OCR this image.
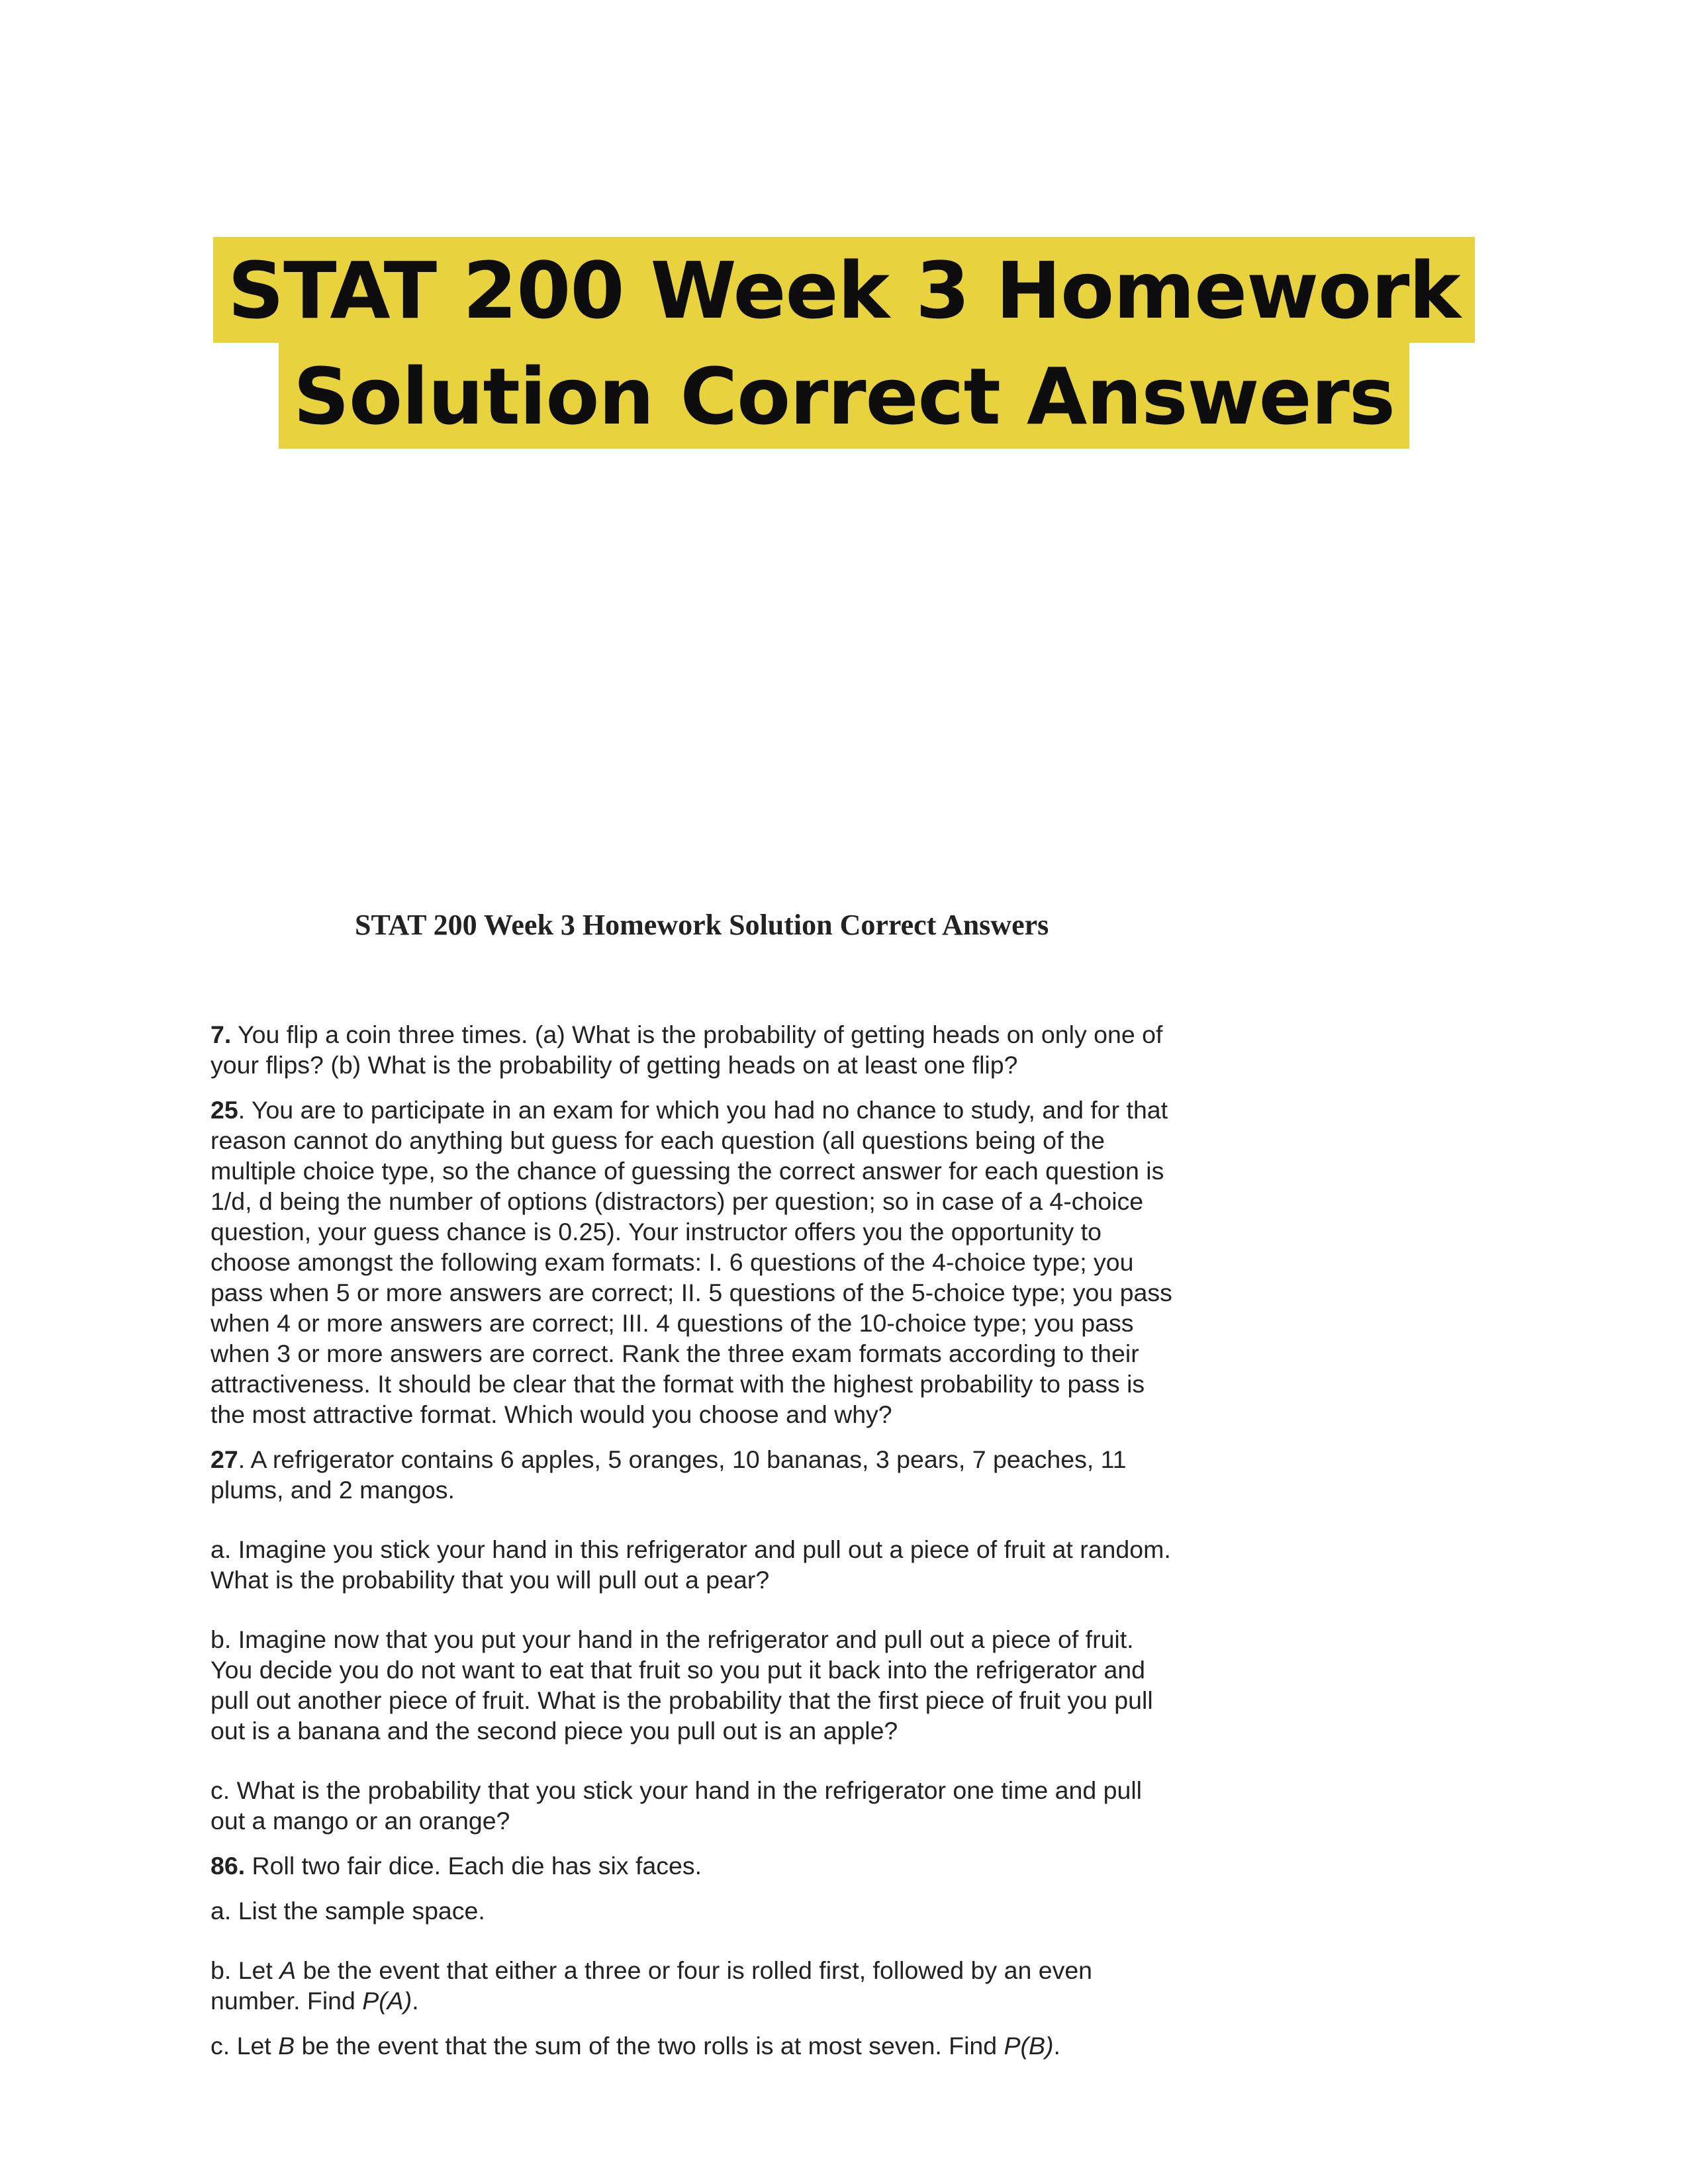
STAT 200 Week 3 Homework
Solution Correct Answers
STAT 200 Week 3 Homework Solution Correct Answers

7. You flip a coin three times. (a) What is the probability of getting heads on only one of
your flips? (b) What is the probability of getting heads on at least one flip?

25. You are to participate in an exam for which you had no chance to study, and for that
reason cannot do anything but guess for each question (all questions being of the
multiple choice type, so the chance of guessing the correct answer for each question is
1/d, d being the number of options (distractors) per question; so in case of a 4-choice
question, your guess chance is 0.25). Your instructor offers you the opportunity to
choose amongst the following exam formats: I. 6 questions of the 4-choice type; you
pass when 5 or more answers are correct; II. 5 questions of the 5-choice type; you pass
when 4 or more answers are correct; III. 4 questions of the 10-choice type; you pass
when 3 or more answers are correct. Rank the three exam formats according to their
attractiveness. It should be clear that the format with the highest probability to pass is
the most attractive format. Which would you choose and why?

27. A refrigerator contains 6 apples, 5 oranges, 10 bananas, 3 pears, 7 peaches, 11
plums, and 2 mangos.

a. Imagine you stick your hand in this refrigerator and pull out a piece of fruit at random.
What is the probability that you will pull out a pear?

b. Imagine now that you put your hand in the refrigerator and pull out a piece of fruit.
You decide you do not want to eat that fruit so you put it back into the refrigerator and
pull out another piece of fruit. What is the probability that the first piece of fruit you pull
out is a banana and the second piece you pull out is an apple?

c. What is the probability that you stick your hand in the refrigerator one time and pull
out a mango or an orange?

86. Roll two fair dice. Each die has six faces.

a. List the sample space.

b. Let A be the event that either a three or four is rolled first, followed by an even
number. Find P(A).

c. Let B be the event that the sum of the two rolls is at most seven. Find P(B).
